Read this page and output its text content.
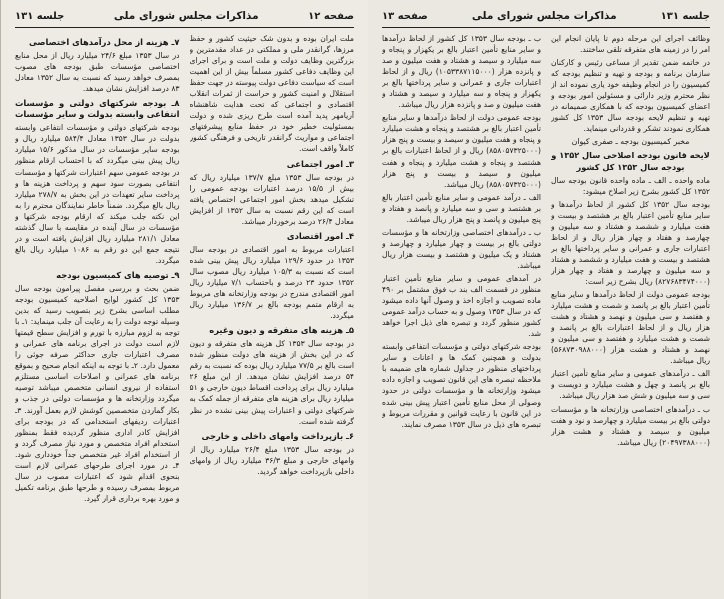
صفحه ۱۲
مذاکرات مجلس شورای ملی
جلسه ۱۳۱

ملت ایران بوده و بدون شک حیثیت کشور و حفظ مرزها، گرانقدر ملی و مملکتی در عداد مقدمترین و بزرگترین وظایف دولت و ملت است و برای اجرای این وظایف دفاعی کشور مسلماً بیش از این اهمیت است که سیاست دفاعی دولت پیوسته در جهت حفظ استقلال و امنیت کشور و حراست از ثمرات انقلاب اقتصادی و اجتماعی که تحت هدایت شاهنشاه آریامهر پدید آمده است طرح ریزی شده و دولت بمسئولیت خطیر خود در حفظ منابع پیشرفتهای اجتماعی و مواریث گرانقدر تاریخی و فرهنگی کشور کاملاً واقف است.

۳ـ امور اجتماعی

در بودجه سال ۱۳۵۳ مبلغ ۱۳۷/۷ میلیارد ریال که بیش از ۱۵/۵ درصد اعتبارات بودجه عمومی را تشکیل میدهد بخش امور اجتماعی اختصاص یافته است که این رقم نسبت به سال ۱۳۵۲ از افزایش معادل ۲۶/۴ درصد برخوردار میباشد.

۴ـ امور اقتصادی

اعتبارات مربوط به امور اقتصادی در بودجه سال ۱۳۵۳ در حدود ۱۲۹/۶ میلیارد ریال پیش بینی شده است که نسبت به ۱۰۵/۳ میلیارد ریال مصوب سال ۱۳۵۲ حدود ۲۳ درصد و باحتساب ۷/۱ میلیارد ریال امور اقتصادی مندرج در بودجه وزارتخانه های مربوط به ارقام متمم بودجه بالغ بر ۱۳۶/۷ میلیارد ریال میگردد.

۵ـ هزینه های متفرقه و دیون وغیره

در بودجه سال ۱۳۵۳ کل هزینه های متفرقه و دیون که در این بخش از هزینه های دولت منظور شده است بالغ بر ۷۷/۵ میلیارد ریال بوده که نسبت به رقم ۵۴ درصد افزایش نشان میدهد. از این مبلغ ۲۶ میلیارد ریال برای پرداخت اقساط دیون خارجی و ۵۱ میلیارد ریال برای هزینه های متفرقه از جمله کمک به شرکتهای دولتی و اعتبارات پیش بینی نشده در نظر گرفته شده است.

۶ـ بازپرداخت وامهای داخلی و خارجی

در بودجه سال ۱۳۵۳ مبلغ ۲۶/۴ میلیارد ریال از وامهای خارجی و مبلغ ۳۶/۳ میلیارد ریال از وامهای داخلی بازپرداخت خواهد گردید.

۷ـ هزینه از محل درآمدهای اختصاصی

در سال ۱۳۵۳ مبلغ ۲۴/۶ میلیارد ریال از محل منابع اختصاصی مؤسسات طبق بودجه های مصوب بمصرف خواهد رسید که نسبت به سال ۱۳۵۲ معادل ۸۳ درصد افزایش نشان میدهد.

۸ـ بودجه شرکتهای دولتی و مؤسسات انتفاعی وابسته بدولت و سایر مؤسسات

بودجه شرکتهای دولتی و مؤسسات انتفاعی وابسته بدولت در سال ۱۳۵۳ معادل ۵۸۴/۴ میلیارد ریال و بودجه سایر مؤسسات در سال مذکور ۱۵/۶ میلیارد ریال پیش بینی میگردد که با احتساب ارقام منظور در بودجه عمومی سهم اعتبارات شرکتها و مؤسسات انتفاعی بصورت سود سهم و پرداخت هزینه ها و پرداخت سایر تعهدات در این بخش به ۲۷۸/۷ میلیارد ریال بالغ میگردد. ضمناً خاطر نمایندگان محترم را به این نکته جلب میکند که ارقام بودجه شرکتها و مؤسسات در سال آینده در مقایسه با سال گذشته معادل ۲۸۱/۱ میلیارد ریال افزایش یافته است و در نتیجه جمع این دو رقم به ۱۰۸۶ میلیارد ریال بالغ میگردد.

۹ـ توصیه های کمیسیون بودجه

ضمن بحث و بررسی مفصل پیرامون بودجه سال ۱۳۵۳ کل کشور لوایح اصلاحیه کمیسیون بودجه مطلب اساسی بشرح زیر بتصویب رسید که بدین وسیله توجه دولت را به رعایت آن جلب مینماید: ۱ـ با توجه به لزوم مبارزه با تورم و افزایش سطح قیمتها لازم است دولت در اجرای برنامه های عمرانی و مصرف اعتبارات جاری حداکثر صرفه جوئی را معمول دارد. ۲ـ با توجه به اینکه انجام صحیح و بموقع برنامه های عمرانی و اصلاحات اساسی مستلزم استفاده از نیروی انسانی متخصص میباشد توصیه میگردد وزارتخانه ها و مؤسسات دولتی در جذب و بکار گماردن متخصصین کوشش لازم بعمل آورند. ۳ـ اعتبارات ردیفهای استخدامی که در بودجه برای افزایش کادر اداری منظور گردیده فقط بمنظور استخدام افراد متخصص و مورد نیاز مصرف گردد و از استخدام افراد غیر متخصص جداً خودداری شود. ۴ـ در مورد اجرای طرحهای عمرانی لازم است بنحوی اقدام شود که اعتبارات مصوب در سال مربوط بمصرف رسیده و طرحها طبق برنامه تکمیل و مورد بهره برداری قرار گیرد.

جلسه ۱۳۱
مذاکرات مجلس شورای ملی
صفحه ۱۳

وظائف اجرای این مرحله دوم تا پایان انجام این امر را در زمینه های متفرقه تلقی ساختند.

در خاتمه ضمن تقدیر از مساعی رئیس و کارکنان سازمان برنامه و بودجه و تهیه و تنظیم بودجه که کمیسیون را در انجام وظیفه خود یاری نموده اند از نظر محترم وزیر دارائی و مسئولین امور بودجه و اعضای کمیسیون بودجه که با همکاری صمیمانه در تهیه و تنظیم لایحه بودجه سال ۱۳۵۳ کل کشور همکاری نمودند تشکر و قدردانی مینماید.

مخبر کمیسیون بودجه ـ صفری کیوان
لایحه قانون بودجه اصلاحی سال ۱۳۵۲ و بودجه سال ۱۳۵۳ کل کشور

ماده واحده ـ الف ـ ماده واحده قانون بودجه سال ۱۳۵۲ کل کشور بشرح زیر اصلاح میشود:

بودجه سال ۱۳۵۲ کل کشور از لحاظ درآمدها و سایر منابع تأمین اعتبار بالغ بر هشتصد و بیست و هفت میلیارد و ششصد و هشتاد و سه میلیون و چهارصد و هفتاد و چهار هزار ریال و از لحاظ اعتبارات جاری و عمرانی و سایر پرداختها بالغ بر هشتصد و بیست و هفت میلیارد و ششصد و هشتاد و سه میلیون و چهارصد و هفتاد و چهار هزار (۸۲۷۶۸۳۴۷۴۰۰۰) ریال بشرح زیر است:

بودجه عمومی دولت از لحاظ درآمدها و سایر منابع تأمین اعتبار بالغ بر پانصد و شصت و هشت میلیارد و هفتصد و سی میلیون و نهصد و هشتاد و هشت هزار ریال و از لحاظ اعتبارات بالغ بر پانصد و شصت و هشت میلیارد و هفتصد و سی میلیون و نهصد و هشتاد و هشت هزار (۵۶۸۷۳۰۹۸۸۰۰۰) ریال میباشد.

الف ـ درآمدهای عمومی و سایر منابع تأمین اعتبار بالغ بر پانصد و چهل و هشت میلیارد و دویست و سی و سه میلیون و شش صد هزار ریال میباشد.

ب ـ درآمدهای اختصاصی وزارتخانه ها و مؤسسات دولتی بالغ بر بیست میلیارد و چهارصد و نود و هفت میلیون و سیصد و هشتاد و هشت هزار (۲۰۴۹۷۳۸۸۰۰۰) ریال میباشد.

ب ـ بودجه سال ۱۳۵۳ کل کشور از لحاظ درآمدها و سایر منابع تأمین اعتبار بالغ بر یکهزار و پنجاه و سه میلیارد و سیصد و هشتاد و هفت میلیون و صد و پانزده هزار (۱۰۵۳۳۸۷۱۱۵۰۰۰) ریال و از لحاظ اعتبارات جاری و عمرانی و سایر پرداختها بالغ بر یکهزار و پنجاه و سه میلیارد و سیصد و هشتاد و هفت میلیون و صد و پانزده هزار ریال میباشد.

بودجه عمومی دولت از لحاظ درآمدها و سایر منابع تأمین اعتبار بالغ بر هشتصد و پنجاه و هشت میلیارد و پنجاه و هفت میلیون و سیصد و بیست و پنج هزار (۸۵۸۰۵۷۳۲۵۰۰۰) ریال و از لحاظ اعتبارات بالغ بر هشتصد و پنجاه و هشت میلیارد و پنجاه و هفت میلیون و سیصد و بیست و پنج هزار (۸۵۸۰۵۷۳۲۵۰۰۰) ریال میباشد.

الف ـ درآمد عمومی و سایر منابع تأمین اعتبار بالغ بر هشتصد و سی و سه میلیارد و پانصد و هفتاد و پنج میلیون و پانصد و پنج هزار ریال میباشد.

ب ـ درآمدهای اختصاصی وزارتخانه ها و مؤسسات دولتی بالغ بر بیست و چهار میلیارد و چهارصد و هشتاد و یک میلیون و هشتصد و بیست هزار ریال میباشد.

در آمدهای عمومی و سایر منابع تأمین اعتبار منظور در قسمت الف بند ب فوق مشتمل بر ۴۹۰ ماده تصویب و اجازه اخذ و وصول آنها داده میشود که در سال ۱۳۵۳ وصول و به حساب درآمد عمومی کشور منظور گردد و تبصره های ذیل اجرا خواهد شد.

بودجه شرکتهای دولتی و مؤسسات انتفاعی وابسته بدولت و همچنین کمک ها و اعانات و سایر پرداختهای منظور در جداول شماره های ضمیمه با ملاحظه تبصره های این قانون تصویب و اجازه داده میشود وزارتخانه ها و مؤسسات دولتی در حدود وصولی از محل منابع تأمین اعتبار پیش بینی شده در این قانون با رعایت قوانین و مقررات مربوط و تبصره های ذیل در سال ۱۳۵۳ مصرف نمایند.
